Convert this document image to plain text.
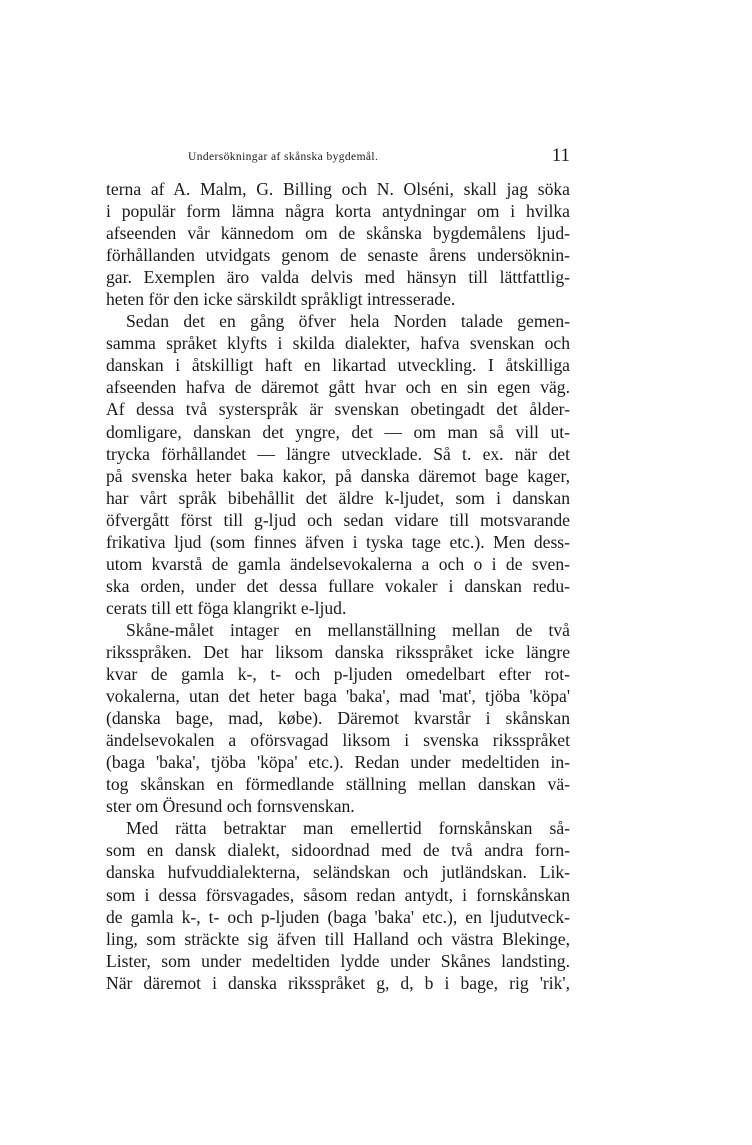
Undersökningar af skånska bygdemål.	11
terna af A. Malm, G. Billing och N. Olséni, skall jag söka
i populär form lämna några korta antydningar om i hvilka
afseenden vår kännedom om de skånska bygdemålens ljud-
förhållanden utvidgats genom de senaste årens undersöknin-
gar. Exemplen äro valda delvis med hänsyn till lättfattlig-
heten för den icke särskildt språkligt intresserade.
Sedan det en gång öfver hela Norden talade gemen-
samma språket klyfts i skilda dialekter, hafva svenskan och
danskan i åtskilligt haft en likartad utveckling. I åtskilliga
afseenden hafva de däremot gått hvar och en sin egen väg.
Af dessa två systerspråk är svenskan obetingadt det ålder-
domligare, danskan det yngre, det — om man så vill ut-
trycka förhållandet — längre utvecklade. Så t. ex. när det
på svenska heter baka kakor, på danska däremot bage kager,
har vårt språk bibehållit det äldre k-ljudet, som i danskan
öfvergått först till g-ljud och sedan vidare till motsvarande
frikativa ljud (som finnes äfven i tyska tage etc.). Men dess-
utom kvarstå de gamla ändelsevokalerna a och o i de sven-
ska orden, under det dessa fullare vokaler i danskan redu-
cerats till ett föga klangrikt e-ljud.
Skåne-målet intager en mellanställning mellan de två
riksspråken. Det har liksom danska riksspråket icke längre
kvar de gamla k-, t- och p-ljuden omedelbart efter rot-
vokalerna, utan det heter baga 'baka', mad 'mat', tjöba 'köpa'
(danska bage, mad, købe). Däremot kvarstår i skånskan
ändelsevokalen a oförsvagad liksom i svenska riksspråket
(baga 'baka', tjöba 'köpa' etc.). Redan under medeltiden in-
tog skånskan en förmedlande ställning mellan danskan vä-
ster om Öresund och fornsvenskan.
Med rätta betraktar man emellertid fornskånskan så-
som en dansk dialekt, sidoordnad med de två andra forn-
danska hufvuddialekterna, seländskan och jutländskan. Lik-
som i dessa försvagades, såsom redan antydt, i fornskånskan
de gamla k-, t- och p-ljuden (baga 'baka' etc.), en ljudutveck-
ling, som sträckte sig äfven till Halland och västra Blekinge,
Lister, som under medeltiden lydde under Skånes landsting.
När däremot i danska riksspråket g, d, b i bage, rig 'rik',
